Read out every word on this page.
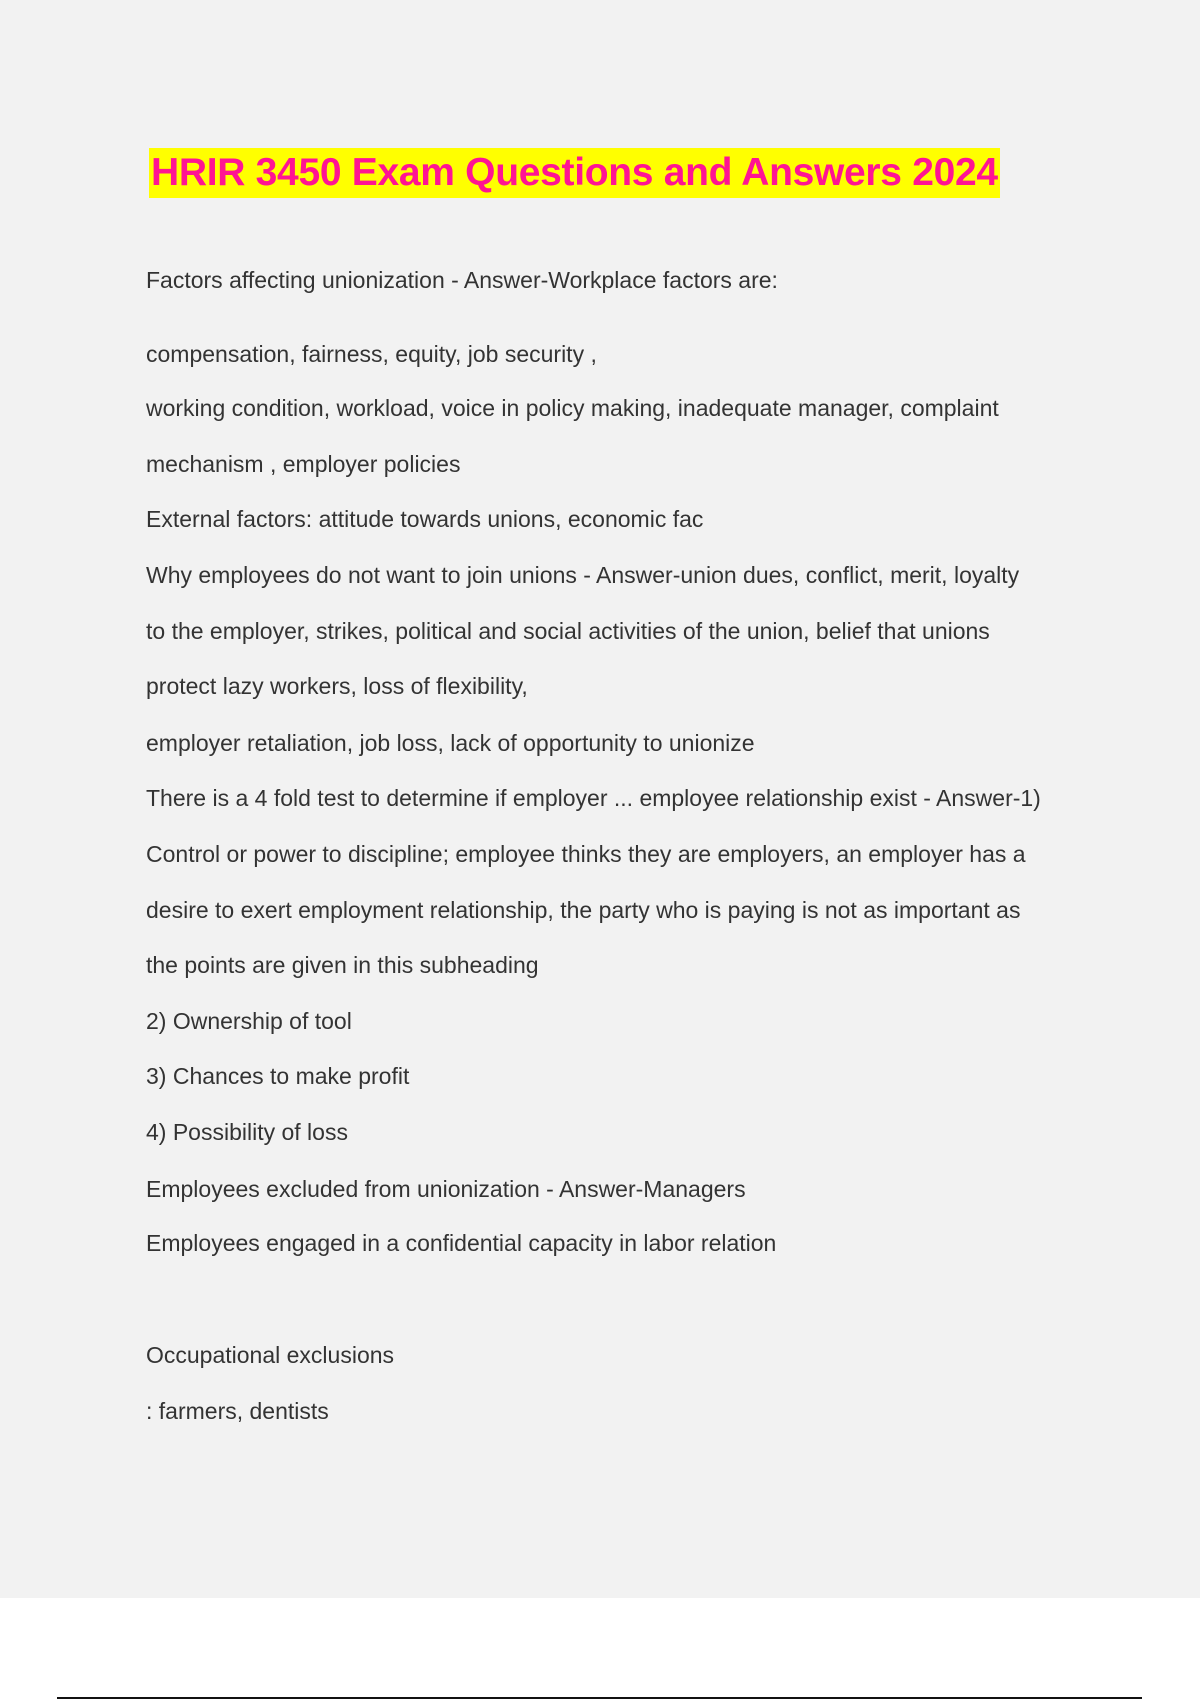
HRIR 3450 Exam Questions and Answers 2024
Factors affecting unionization - Answer-Workplace factors are:
compensation, fairness, equity, job security ,
working condition, workload, voice in policy making, inadequate manager, complaint
mechanism , employer policies
External factors: attitude towards unions, economic fac
Why employees do not want to join unions - Answer-union dues, conflict, merit, loyalty
to the employer, strikes, political and social activities of the union, belief that unions
protect lazy workers, loss of flexibility,
employer retaliation, job loss, lack of opportunity to unionize
There is a 4 fold test to determine if employer ... employee relationship exist - Answer-1)
Control or power to discipline; employee thinks they are employers, an employer has a
desire to exert employment relationship, the party who is paying is not as important as
the points are given in this subheading
2) Ownership of tool
3) Chances to make profit
4) Possibility of loss
Employees excluded from unionization - Answer-Managers
Employees engaged in a confidential capacity in labor relation
Occupational exclusions
: farmers, dentists
